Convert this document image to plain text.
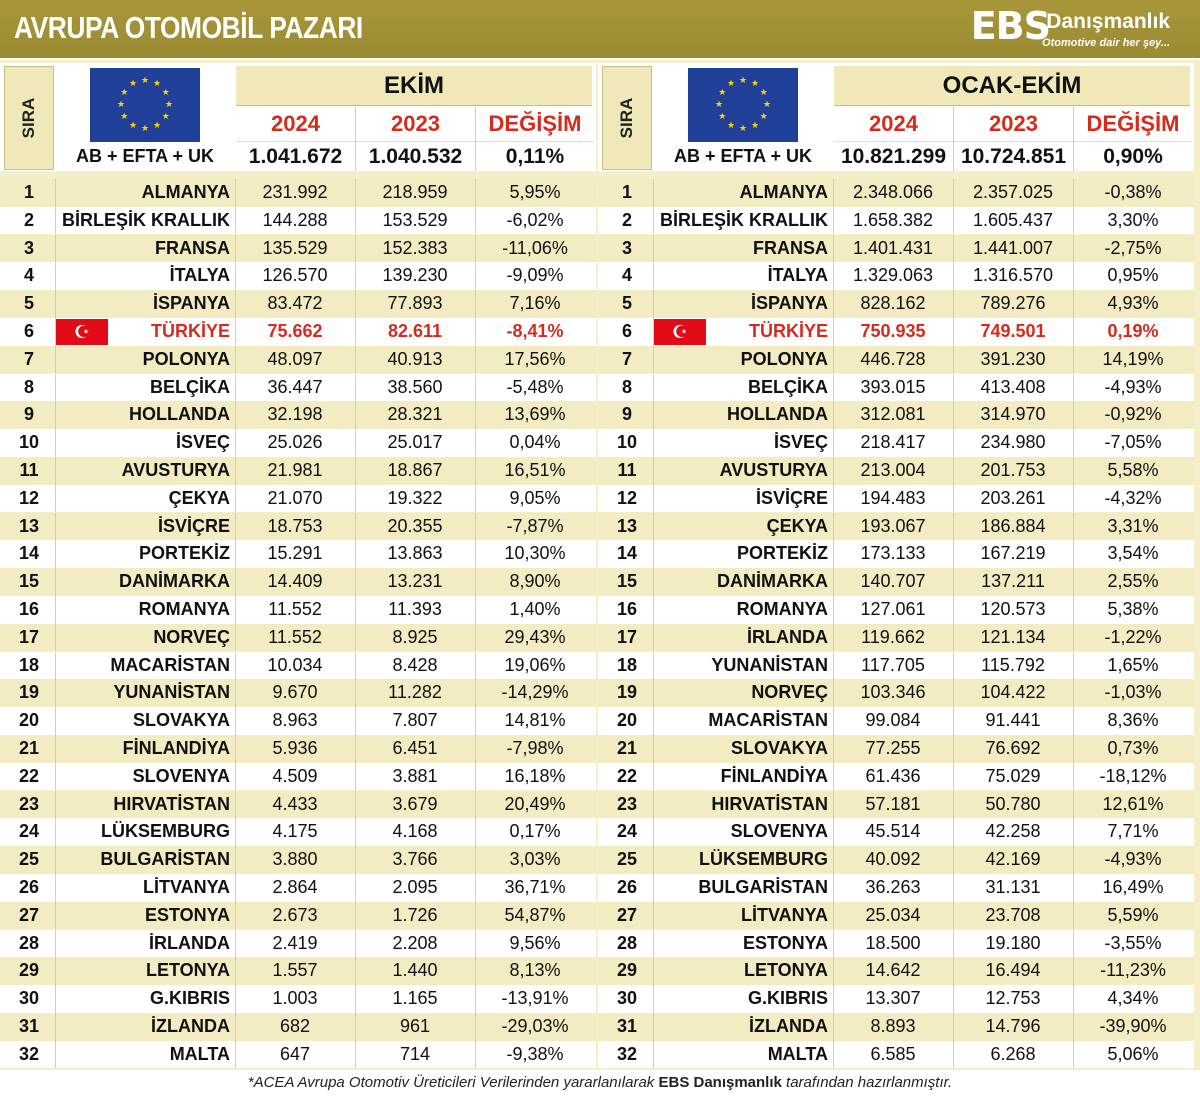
AVRUPA OTOMOBİL PAZARI	EBS
Danışmanlık
Otomotive dair her şey...
SIRA	★
★
★
★
★
★
★
★
★ ★ ★
★
AB + EFTA + UK
EKİM
2024	2023	DEĞİŞİM
1.041.672	1.040.532	0,11%
1	ALMANYA	231.992	218.959	5,95%
2	BİRLEŞİK KRALLIK	144.288	153.529	-6,02%
3	FRANSA	135.529	152.383	-11,06%
4	İTALYA	126.570	139.230	-9,09%
5	İSPANYA	83.472	77.893	7,16%
☪
6	TÜRKİYE	75.662	82.611	-8,41%
7	POLONYA	48.097	40.913	17,56%
8	BELÇİKA	36.447	38.560	-5,48%
9	HOLLANDA	32.198	28.321	13,69%
10	İSVEÇ	25.026	25.017	0,04%
11	AVUSTURYA	21.981	18.867	16,51%
12	ÇEKYA	21.070	19.322	9,05%
13	İSVİÇRE	18.753	20.355	-7,87%
14	PORTEKİZ	15.291	13.863	10,30%
15	DANİMARKA	14.409	13.231	8,90%
16	ROMANYA	11.552	11.393	1,40%
17	NORVEÇ	11.552	8.925	29,43%
18	MACARİSTAN	10.034	8.428	19,06%
19	YUNANİSTAN	9.670	11.282	-14,29%
20	SLOVAKYA	8.963	7.807	14,81%
21	FİNLANDİYA	5.936	6.451	-7,98%
22	SLOVENYA	4.509	3.881	16,18%
23	HIRVATİSTAN	4.433	3.679	20,49%
24	LÜKSEMBURG	4.175	4.168	0,17%
25	BULGARİSTAN	3.880	3.766	3,03%
26	LİTVANYA	2.864	2.095	36,71%
27	ESTONYA	2.673	1.726	54,87%
28	İRLANDA	2.419	2.208	9,56%
29	LETONYA	1.557	1.440	8,13%
30	G.KIBRIS	1.003	1.165	-13,91%
31	İZLANDA	682	961	-29,03%
32	MALTA	647	714	-9,38%
SIRA	★
★
★
★
★
★
★
★
★ ★ ★
★
AB + EFTA + UK
OCAK-EKİM
2024	2023	DEĞİŞİM
10.821.299 10.724.851	0,90%
1	ALMANYA	2.348.066	2.357.025	-0,38%
2	BİRLEŞİK KRALLIK	1.658.382	1.605.437	3,30%
3	FRANSA	1.401.431	1.441.007	-2,75%
4	İTALYA	1.329.063	1.316.570	0,95%
5	İSPANYA	828.162	789.276	4,93%
☪
6	TÜRKİYE	750.935	749.501	0,19%
7	POLONYA	446.728	391.230	14,19%
8	BELÇİKA	393.015	413.408	-4,93%
9	HOLLANDA	312.081	314.970	-0,92%
10	İSVEÇ	218.417	234.980	-7,05%
11	AVUSTURYA	213.004	201.753	5,58%
12	İSVİÇRE	194.483	203.261	-4,32%
13	ÇEKYA	193.067	186.884	3,31%
14	PORTEKİZ	173.133	167.219	3,54%
15	DANİMARKA	140.707	137.211	2,55%
16	ROMANYA	127.061	120.573	5,38%
17	İRLANDA	119.662	121.134	-1,22%
18	YUNANİSTAN	117.705	115.792	1,65%
19	NORVEÇ	103.346	104.422	-1,03%
20	MACARİSTAN	99.084	91.441	8,36%
21	SLOVAKYA	77.255	76.692	0,73%
22	FİNLANDİYA	61.436	75.029	-18,12%
23	HIRVATİSTAN	57.181	50.780	12,61%
24	SLOVENYA	45.514	42.258	7,71%
25	LÜKSEMBURG	40.092	42.169	-4,93%
26	BULGARİSTAN	36.263	31.131	16,49%
27	LİTVANYA	25.034	23.708	5,59%
28	ESTONYA	18.500	19.180	-3,55%
29	LETONYA	14.642	16.494	-11,23%
30	G.KIBRIS	13.307	12.753	4,34%
31	İZLANDA	8.893	14.796	-39,90%
32	MALTA	6.585	6.268	5,06%
*ACEA Avrupa Otomotiv Üreticileri Verilerinden yararlanılarak EBS Danışmanlık tarafından hazırlanmıştır.
